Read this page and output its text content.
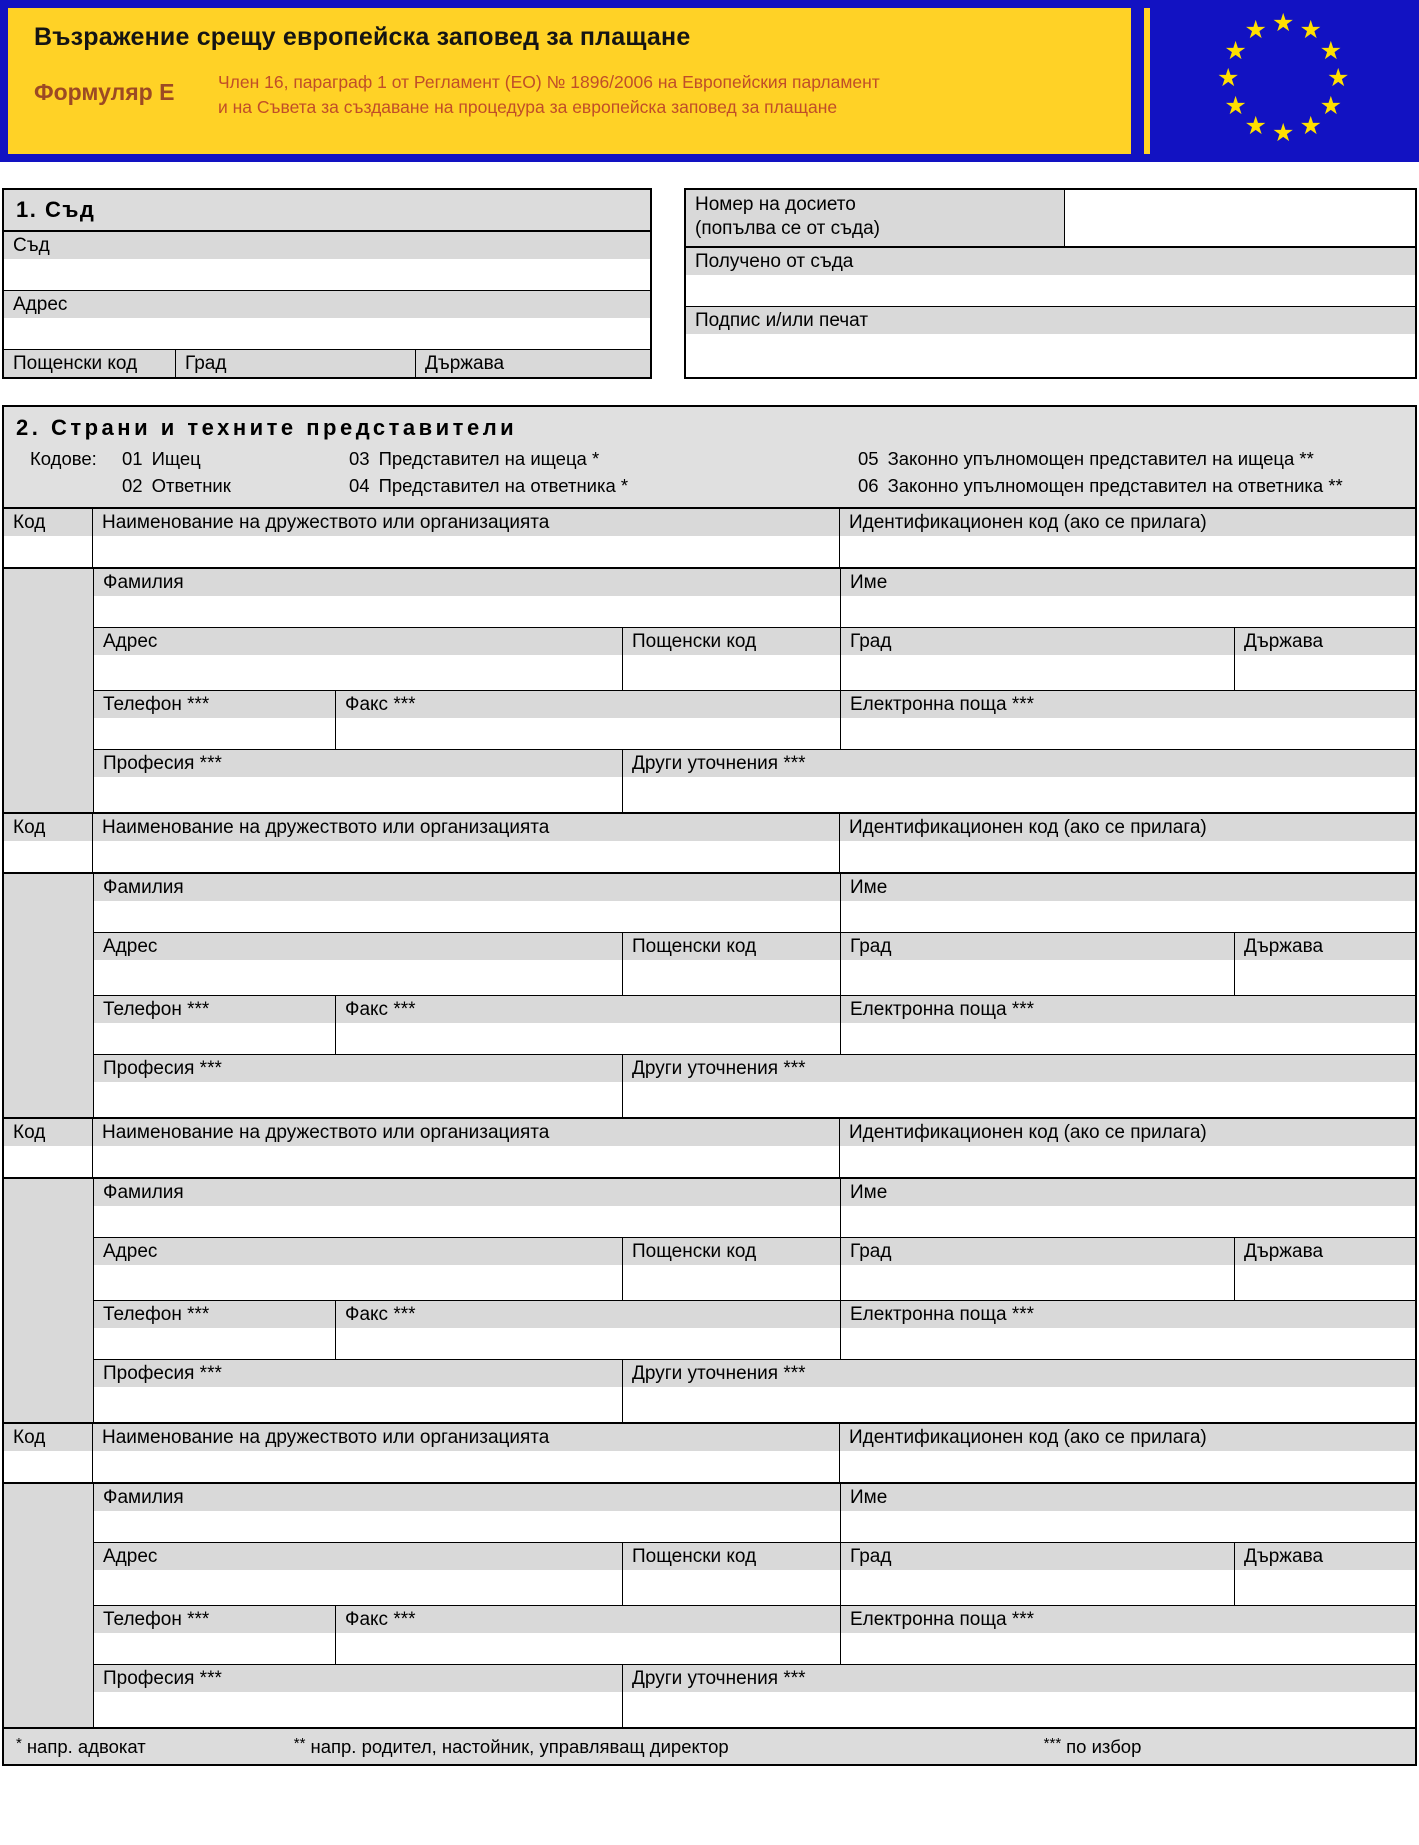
Възражение срещу европейска заповед за плащане
Формуляр Е	Член 16, параграф 1 от Регламент (ЕО) № 1896/2006 на Европейския парламент
и на Съвета за създаване на процедура за европейска заповед за плащане
★ ★
★
★
★
★
★
★
★
★
★
★
1. Съд
Съд
Адрес
Пощенски код	Град	Държава
Номер на досието
(попълва се от съда)
Получено от съда
Подпис и/или печат
2. Страни и техните представители
Кодове:	01 Ищец
02 Ответник
03 Представител на ищеца *
04 Представител на ответника *
05 Законно упълномощен представител на ищеца **
06 Законно упълномощен представител на ответника **
Код	Наименование на дружеството или организацията	Идентификационен код (ако се прилага)
Фамилия	Име
Адрес	Пощенски код	Град	Държава
Телефон ***	Факс ***	Електронна поща ***
Професия ***	Други уточнения ***
Код	Наименование на дружеството или организацията	Идентификационен код (ако се прилага)
Фамилия	Име
Адрес	Пощенски код	Град	Държава
Телефон ***	Факс ***	Електронна поща ***
Професия ***	Други уточнения ***
Код	Наименование на дружеството или организацията	Идентификационен код (ако се прилага)
Фамилия	Име
Адрес	Пощенски код	Град	Държава
Телефон ***	Факс ***	Електронна поща ***
Професия ***	Други уточнения ***
Код	Наименование на дружеството или организацията	Идентификационен код (ако се прилага)
Фамилия	Име
Адрес	Пощенски код	Град	Държава
Телефон ***	Факс ***	Електронна поща ***
Професия ***	Други уточнения ***
* напр. адвокат	** напр. родител, настойник, управляващ директор	*** по избор
